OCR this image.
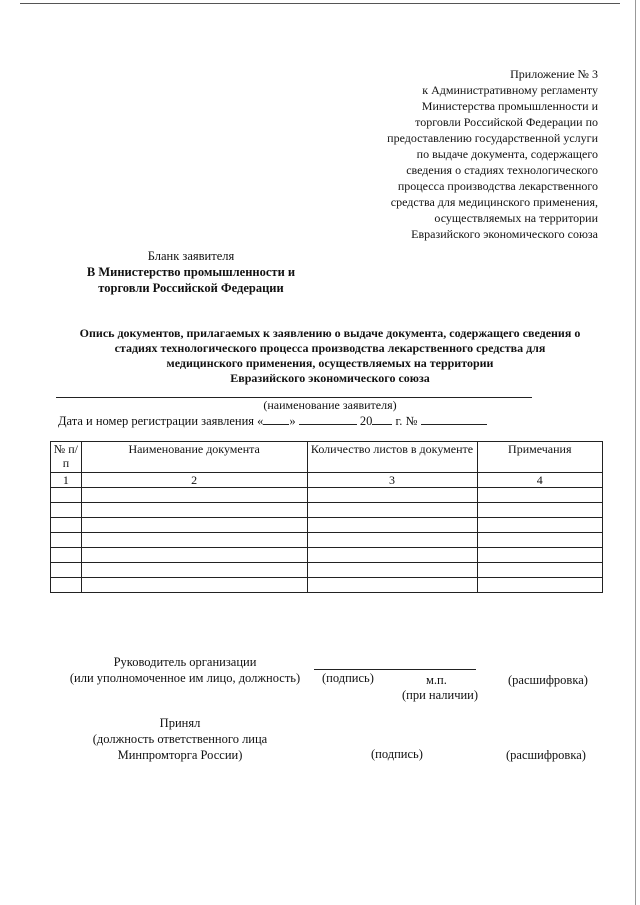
Приложение № 3
к Административному регламенту
Министерства промышленности и
торговли Российской Федерации по
предоставлению государственной услуги
по выдаче документа, содержащего
сведения о стадиях технологического
процесса производства лекарственного
средства для медицинского применения,
осуществляемых на территории
Евразийского экономического союза
Бланк заявителя
В Министерство промышленности и
торговли Российской Федерации
Опись документов, прилагаемых к заявлению о выдаче документа, содержащего сведения о
стадиях технологического процесса производства лекарственного средства для
медицинского применения, осуществляемых на территории
Евразийского экономического союза
(наименование заявителя)
Дата и номер регистрации заявления « »	20 г. №
№ п/п	Наименование документа	Количество листов в документе	Примечания
1	2	3	4

Руководитель организации
(или уполномоченное им лицо, должность)	(подпись)	м.п.
(при наличии)
(расшифровка)
Принял
(должность ответственного лица
Минпромторга России)	(подпись)	(расшифровка)
